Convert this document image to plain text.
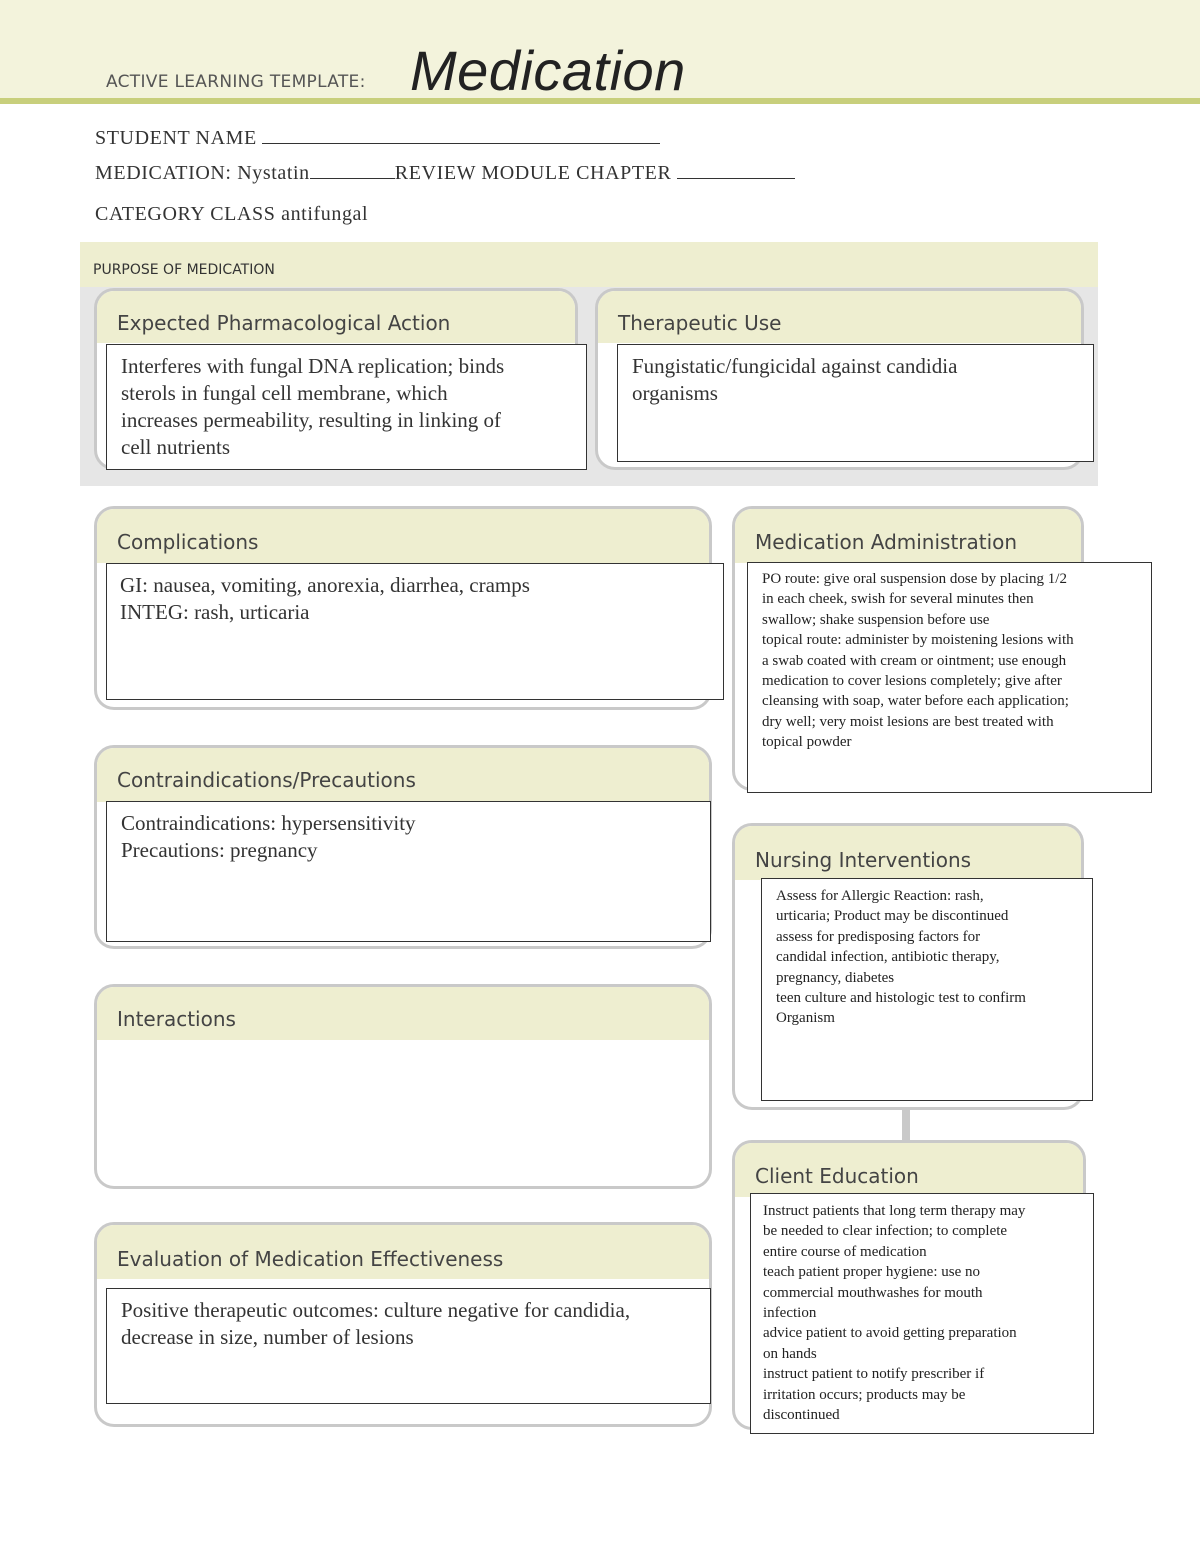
ACTIVE LEARNING TEMPLATE: Medication
STUDENT NAME
MEDICATION: Nystatin	REVIEW MODULE CHAPTER
CATEGORY CLASS antifungal
PURPOSE OF MEDICATION
Expected Pharmacological Action
Interferes with fungal DNA replication; binds
sterols in fungal cell membrane, which
increases permeability, resulting in linking of
cell nutrients
Therapeutic Use
Fungistatic/fungicidal against candidia
organisms
Complications
GI: nausea, vomiting, anorexia, diarrhea, cramps
INTEG: rash, urticaria
Medication Administration
PO route: give oral suspension dose by placing 1/2
in each cheek, swish for several minutes then
swallow; shake suspension before use
topical route: administer by moistening lesions with
a swab coated with cream or ointment; use enough
medication to cover lesions completely; give after
cleansing with soap, water before each application;
dry well; very moist lesions are best treated with
topical powder
Contraindications/Precautions
Contraindications: hypersensitivity
Precautions: pregnancy	Nursing Interventions
Assess for Allergic Reaction: rash,
urticaria; Product may be discontinued
assess for predisposing factors for
candidal infection, antibiotic therapy,
pregnancy, diabetes
teen culture and histologic test to confirm
Organism
Interactions
Client Education
Instruct patients that long term therapy may
be needed to clear infection; to complete
entire course of medication
teach patient proper hygiene: use no
commercial mouthwashes for mouth
infection
advice patient to avoid getting preparation
on hands
instruct patient to notify prescriber if
irritation occurs; products may be
discontinued
Evaluation of Medication Effectiveness
Positive therapeutic outcomes: culture negative for candidia,
decrease in size, number of lesions
